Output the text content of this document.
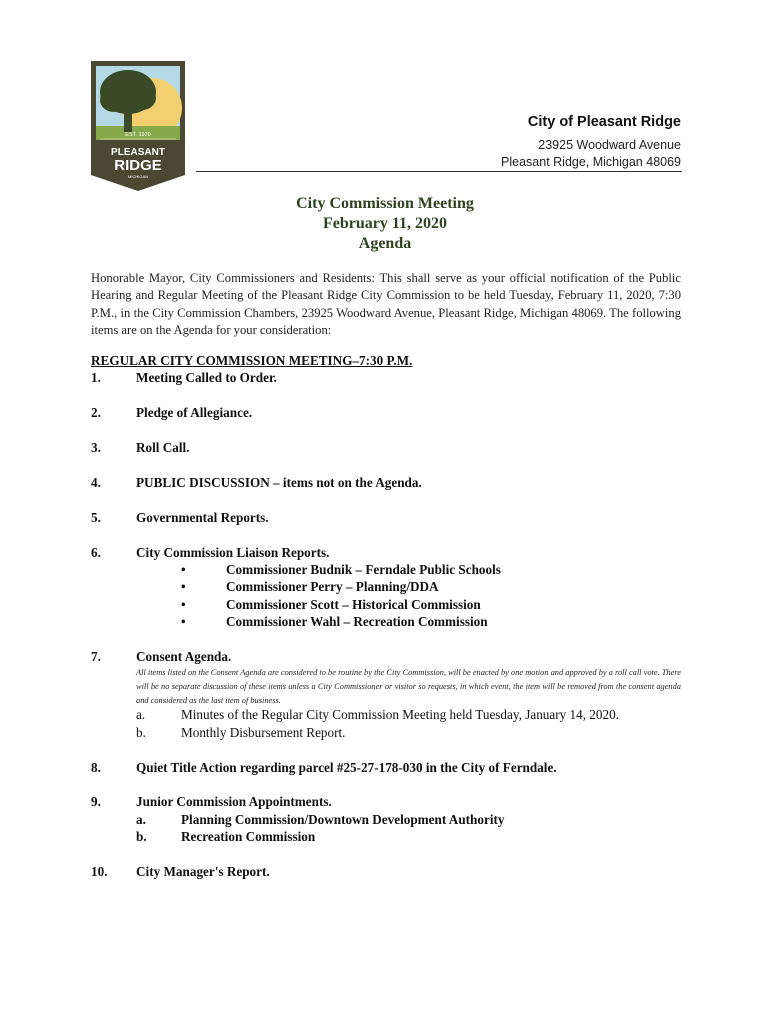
EST. 1920
PLEASANT
RIDGE
MICHIGAN
City of Pleasant Ridge
23925 Woodward Avenue
Pleasant Ridge, Michigan 48069
City Commission Meeting
February 11, 2020
Agenda
Honorable Mayor, City Commissioners and Residents: This shall serve as your official notification of the Public Hearing and Regular Meeting of the Pleasant Ridge City Commission to be held Tuesday, February 11, 2020, 7:30 P.M., in the City Commission Chambers, 23925 Woodward Avenue, Pleasant Ridge, Michigan 48069. The following items are on the Agenda for your consideration:
REGULAR CITY COMMISSION MEETING–7:30 P.M.
1.	Meeting Called to Order.
2.	Pledge of Allegiance.
3.	Roll Call.
4.	PUBLIC DISCUSSION – items not on the Agenda.
5.	Governmental Reports.
6.	City Commission Liaison Reports.
•	Commissioner Budnik – Ferndale Public Schools
•	Commissioner Perry – Planning/DDA
•	Commissioner Scott – Historical Commission
•	Commissioner Wahl – Recreation Commission
7.	Consent Agenda.
All items listed on the Consent Agenda are considered to be routine by the City Commission, will be enacted by one motion and approved by a roll call vote. There will be no separate discussion of these items unless a City Commissioner or visitor so requests, in which event, the item will be removed from the consent agenda and considered as the last item of business.
a.	Minutes of the Regular City Commission Meeting held Tuesday, January 14, 2020.
b.	Monthly Disbursement Report.
8.	Quiet Title Action regarding parcel #25-27-178-030 in the City of Ferndale.
9.	Junior Commission Appointments.
a.	Planning Commission/Downtown Development Authority
b.	Recreation Commission
10.	City Manager's Report.
